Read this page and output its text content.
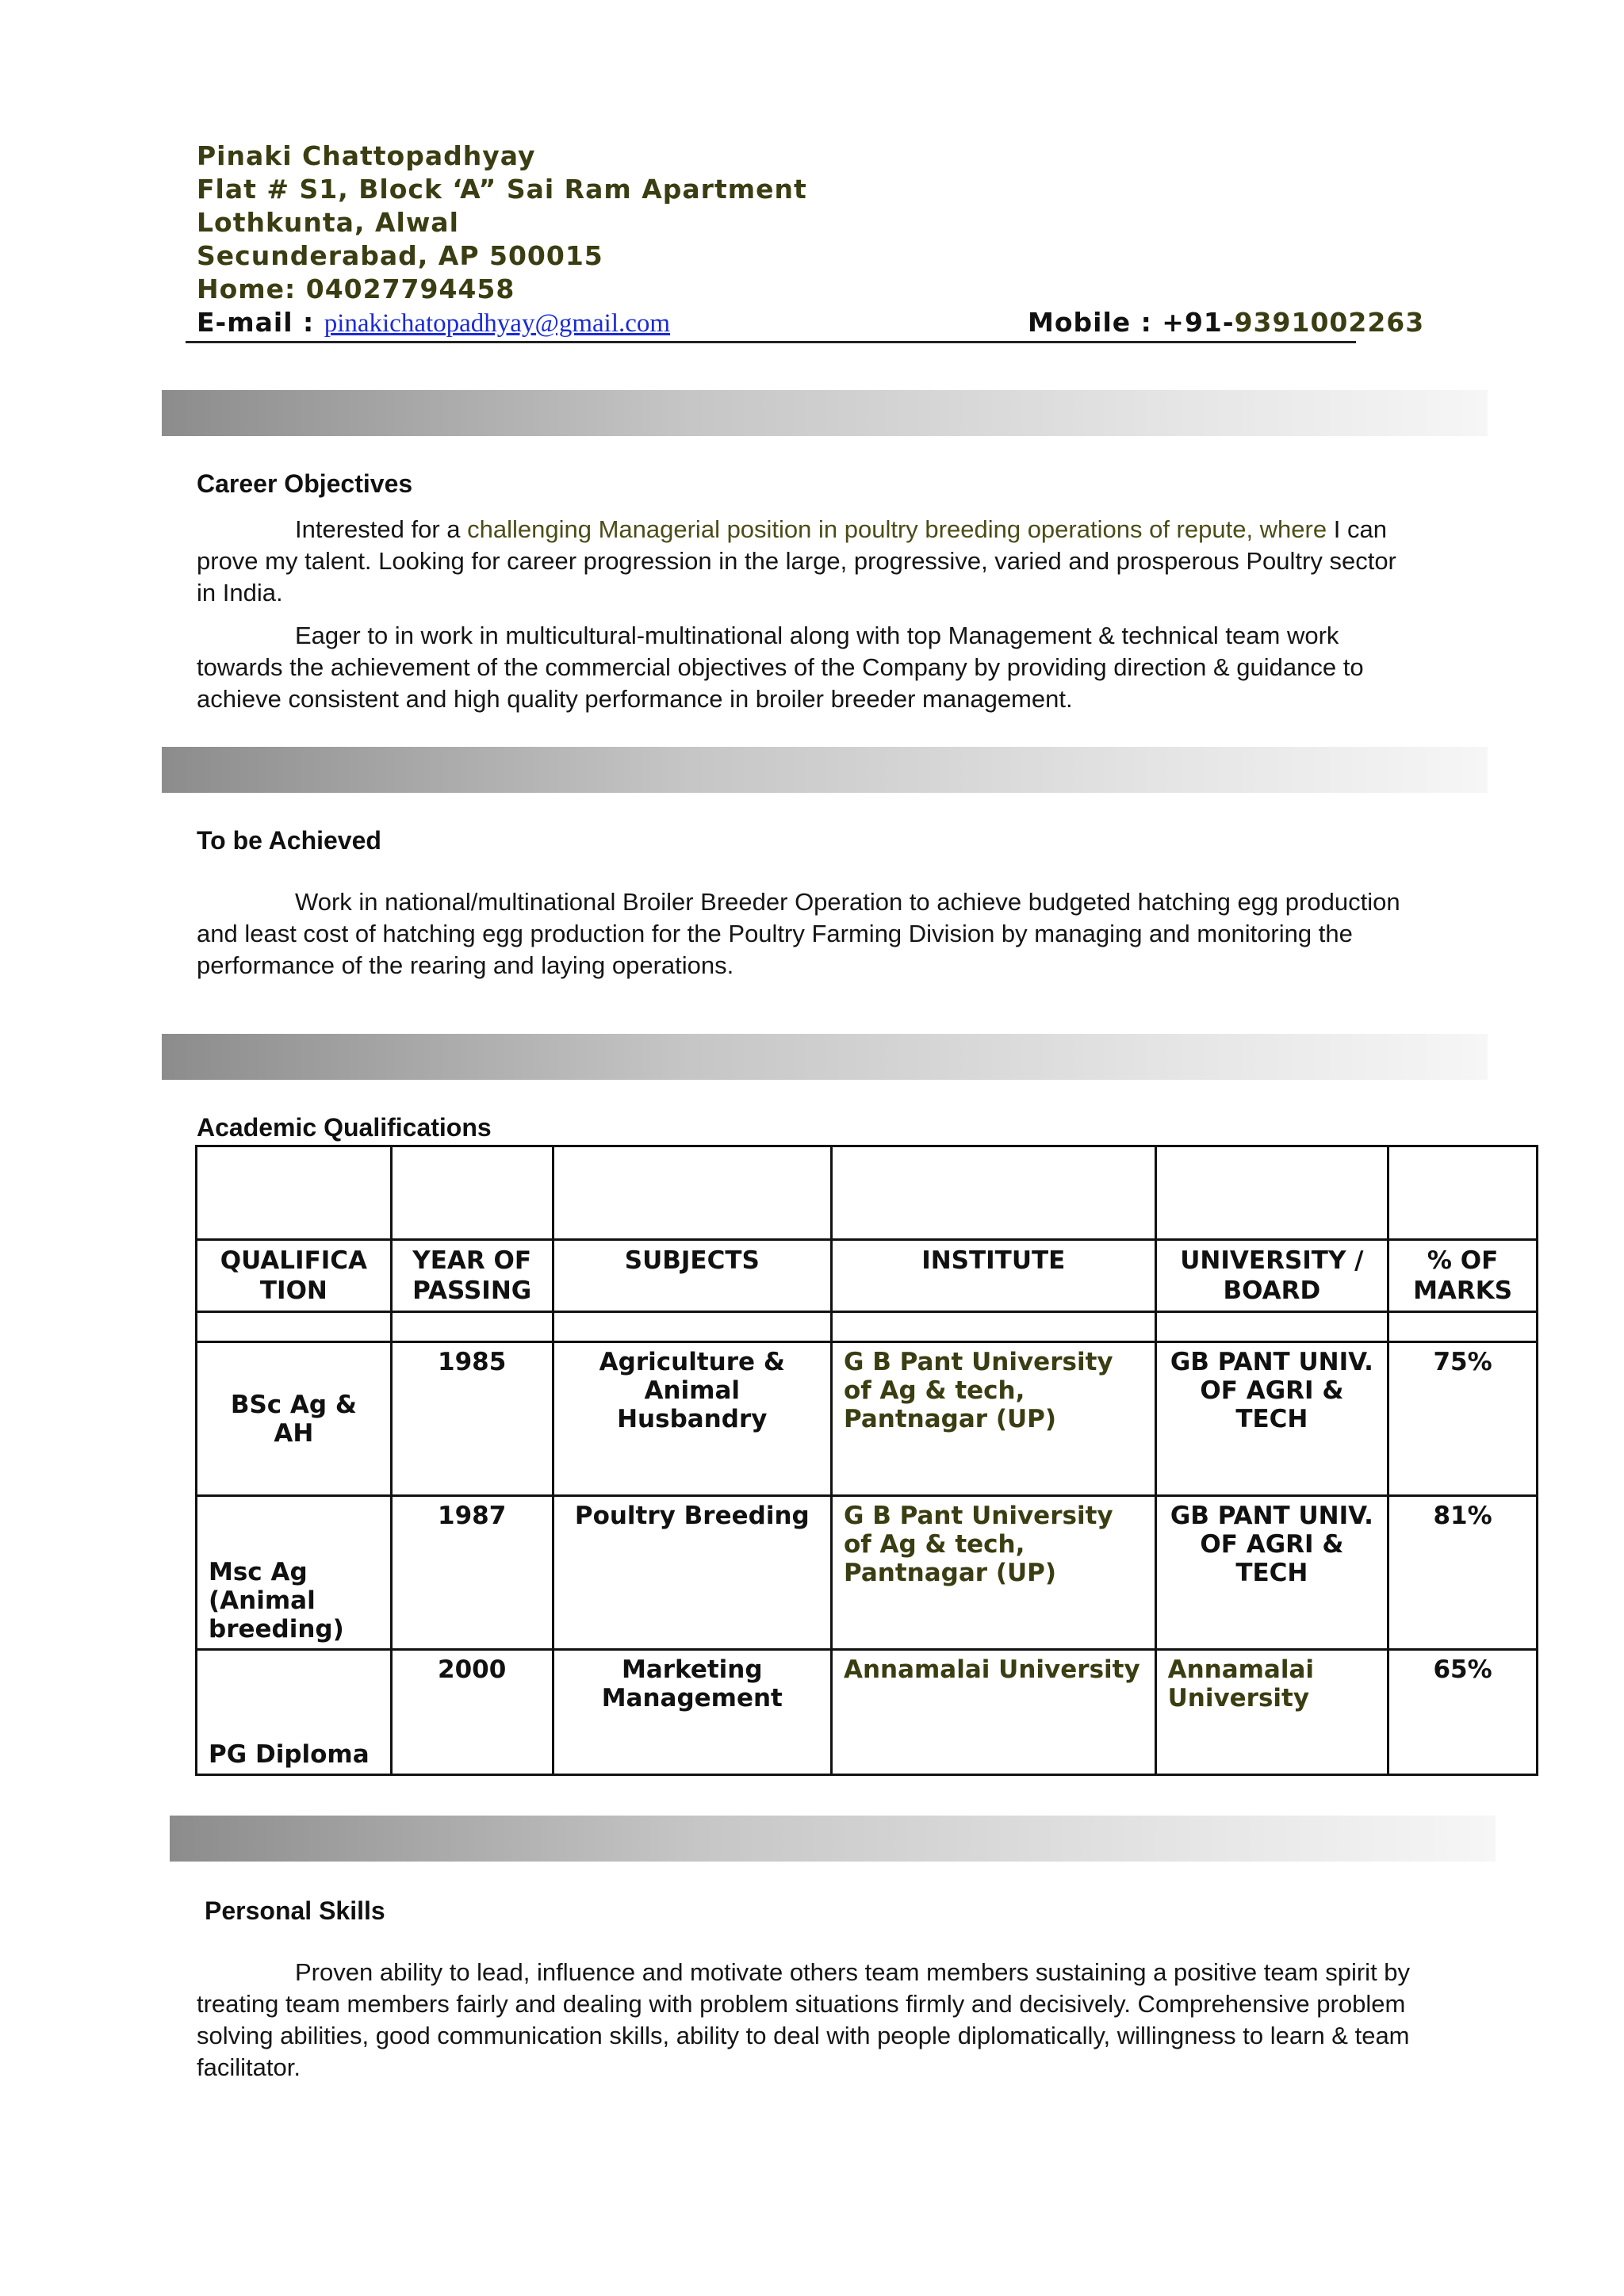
Pinaki Chattopadhyay
Flat # S1, Block ‘A” Sai Ram Apartment
Lothkunta, Alwal
Secunderabad, AP 500015
Home: 04027794458
E-mail : pinakichatopadhyay@gmail.com	Mobile : +91-9391002263
Career Objectives

Interested for a challenging Managerial position in poultry breeding operations of repute, where I can prove my talent. Looking for career progression in the large, progressive, varied and prosperous Poultry sector in India.

Eager to in work in multicultural-multinational along with top Management & technical team work towards the achievement of the commercial objectives of the Company by providing direction & guidance to achieve consistent and high quality performance in broiler breeder management.

To be Achieved

Work in national/multinational Broiler Breeder Operation to achieve budgeted hatching egg production and least cost of hatching egg production for the Poultry Farming Division by managing and monitoring the performance of the rearing and laying operations.

Academic Qualifications

QUALIFICA TION	YEAR OF PASSING	SUBJECTS	INSTITUTE	UNIVERSITY / BOARD	% OF MARKS

BSc Ag & AH	1985	Agriculture & Animal Husbandry	G B Pant University of Ag & tech, Pantnagar (UP)	GB PANT UNIV. OF AGRI & TECH	75%
Msc Ag (Animal breeding)	1987	Poultry Breeding	G B Pant University of Ag & tech, Pantnagar (UP)	GB PANT UNIV. OF AGRI & TECH	81%
PG Diploma	2000	Marketing Management	Annamalai University	Annamalai University	65%
Personal Skills

Proven ability to lead, influence and motivate others team members sustaining a positive team spirit by treating team members fairly and dealing with problem situations firmly and decisively. Comprehensive problem solving abilities, good communication skills, ability to deal with people diplomatically, willingness to learn & team facilitator.
